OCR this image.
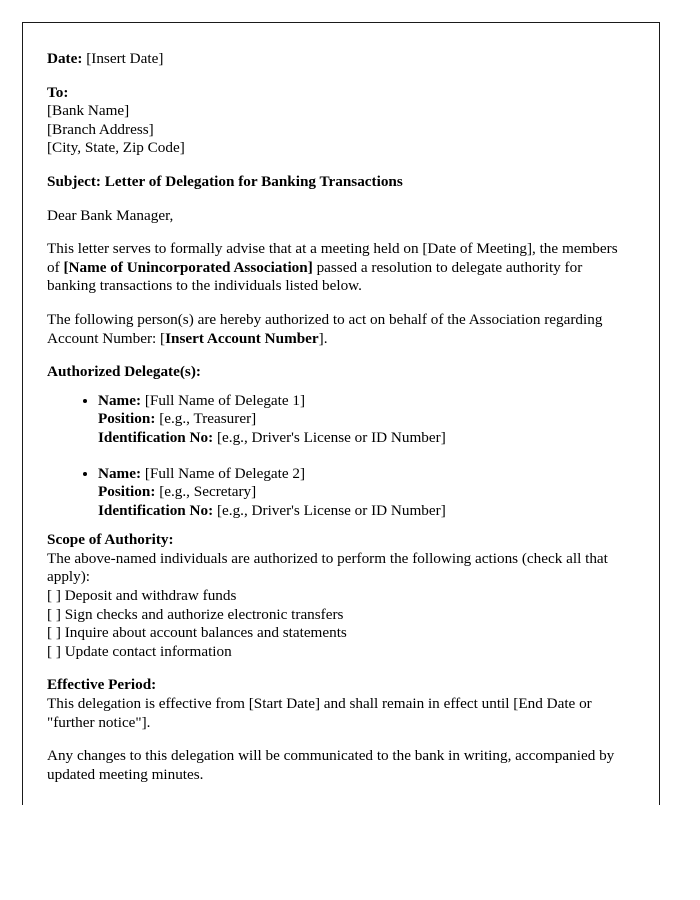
Date: [Insert Date]
To:
[Bank Name]
[Branch Address]
[City, State, Zip Code]
Subject: Letter of Delegation for Banking Transactions
Dear Bank Manager,
This letter serves to formally advise that at a meeting held on [Date of Meeting], the members of [Name of Unincorporated Association] passed a resolution to delegate authority for banking transactions to the individuals listed below.
The following person(s) are hereby authorized to act on behalf of the Association regarding Account Number: [Insert Account Number].
Authorized Delegate(s):
• Name: [Full Name of Delegate 1]
Position: [e.g., Treasurer]
Identification No: [e.g., Driver's License or ID Number]
• Name: [Full Name of Delegate 2]
Position: [e.g., Secretary]
Identification No: [e.g., Driver's License or ID Number]
Scope of Authority:
The above-named individuals are authorized to perform the following actions (check all that apply):
[ ] Deposit and withdraw funds
[ ] Sign checks and authorize electronic transfers
[ ] Inquire about account balances and statements
[ ] Update contact information
Effective Period:
This delegation is effective from [Start Date] and shall remain in effect until [End Date or "further notice"].
Any changes to this delegation will be communicated to the bank in writing, accompanied by updated meeting minutes.
